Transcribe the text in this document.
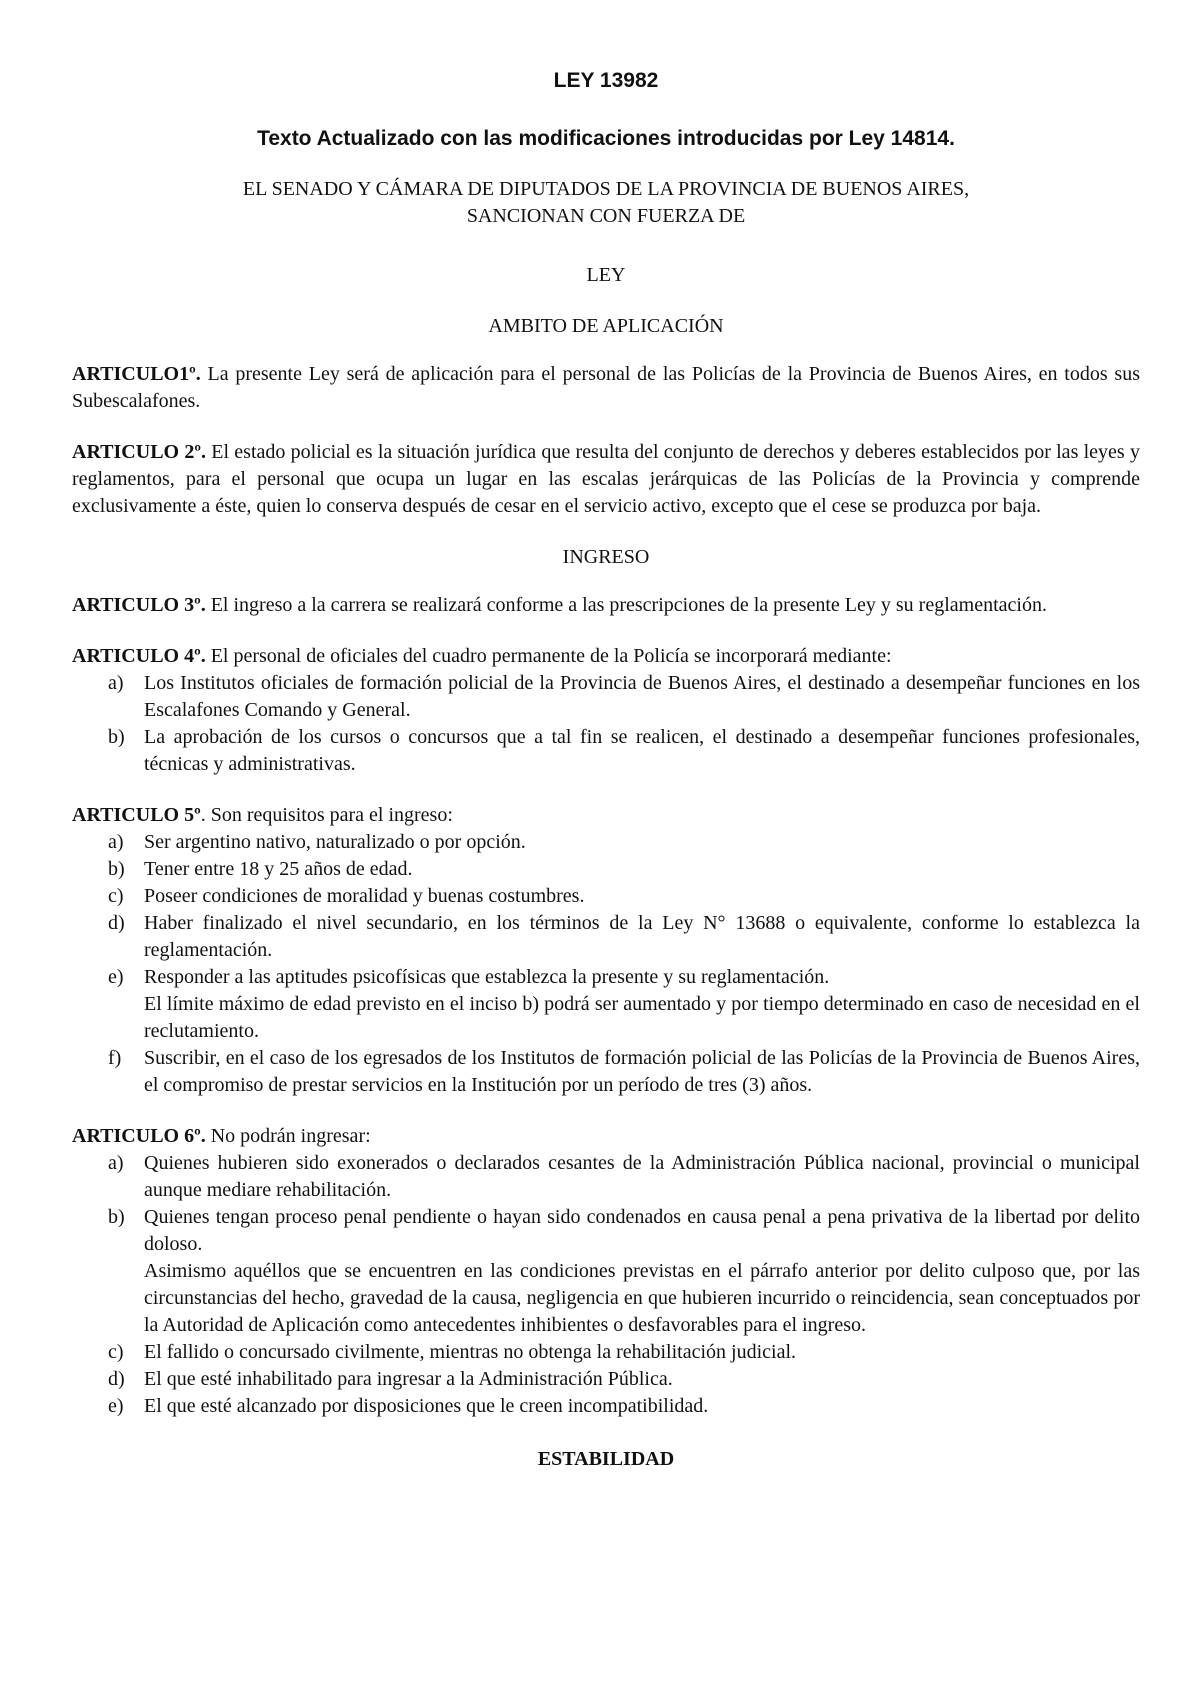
LEY 13982

Texto Actualizado con las modificaciones introducidas por Ley 14814.

EL SENADO Y CÁMARA DE DIPUTADOS DE LA PROVINCIA DE BUENOS AIRES,
SANCIONAN CON FUERZA DE

LEY

AMBITO DE APLICACIÓN

ARTICULO1º. La presente Ley será de aplicación para el personal de las Policías de la Provincia de Buenos Aires, en todos sus Subescalafones.

ARTICULO 2º. El estado policial es la situación jurídica que resulta del conjunto de derechos y deberes establecidos por las leyes y reglamentos, para el personal que ocupa un lugar en las escalas jerárquicas de las Policías de la Provincia y comprende exclusivamente a éste, quien lo conserva después de cesar en el servicio activo, excepto que el cese se produzca por baja.

INGRESO

ARTICULO 3º. El ingreso a la carrera se realizará conforme a las prescripciones de la presente Ley y su reglamentación.

ARTICULO 4º. El personal de oficiales del cuadro permanente de la Policía se incorporará mediante:

a) Los Institutos oficiales de formación policial de la Provincia de Buenos Aires, el destinado a desempeñar funciones en los Escalafones Comando y General.
b) La aprobación de los cursos o concursos que a tal fin se realicen, el destinado a desempeñar funciones profesionales, técnicas y administrativas.

ARTICULO 5º. Son requisitos para el ingreso:

a) Ser argentino nativo, naturalizado o por opción.
b) Tener entre 18 y 25 años de edad.
c) Poseer condiciones de moralidad y buenas costumbres.
d) Haber finalizado el nivel secundario, en los términos de la Ley N° 13688 o equivalente, conforme lo establezca la reglamentación.
e) Responder a las aptitudes psicofísicas que establezca la presente y su reglamentación.
El límite máximo de edad previsto en el inciso b) podrá ser aumentado y por tiempo determinado en caso de necesidad en el reclutamiento.
f) Suscribir, en el caso de los egresados de los Institutos de formación policial de las Policías de la Provincia de Buenos Aires, el compromiso de prestar servicios en la Institución por un período de tres (3) años.

ARTICULO 6º. No podrán ingresar:

a) Quienes hubieren sido exonerados o declarados cesantes de la Administración Pública nacional, provincial o municipal aunque mediare rehabilitación.
b) Quienes tengan proceso penal pendiente o hayan sido condenados en causa penal a pena privativa de la libertad por delito doloso.
Asimismo aquéllos que se encuentren en las condiciones previstas en el párrafo anterior por delito culposo que, por las circunstancias del hecho, gravedad de la causa, negligencia en que hubieren incurrido o reincidencia, sean conceptuados por la Autoridad de Aplicación como antecedentes inhibientes o desfavorables para el ingreso.
c) El fallido o concursado civilmente, mientras no obtenga la rehabilitación judicial.
d) El que esté inhabilitado para ingresar a la Administración Pública.
e) El que esté alcanzado por disposiciones que le creen incompatibilidad.

ESTABILIDAD
